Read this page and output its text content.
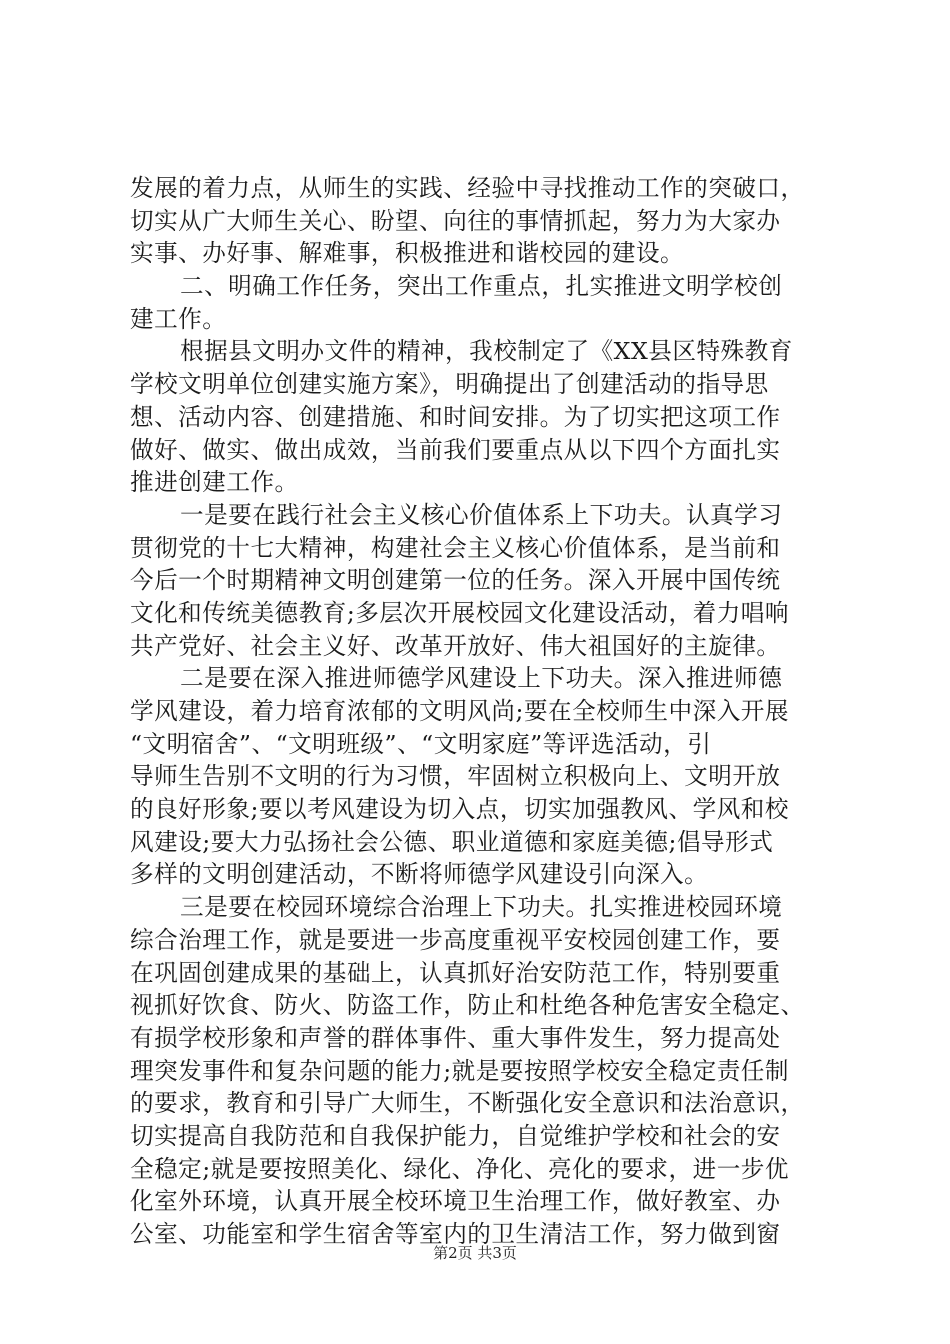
发展的着力点，从师生的实践、经验中寻找推动工作的突破口，
切实从广大师生关心、盼望、向往的事情抓起，努力为大家办
实事、办好事、解难事，积极推进和谐校园的建设。
二、明确工作任务，突出工作重点，扎实推进文明学校创
建工作。
根据县文明办文件的精神，我校制定了《XX县区特殊教育
学校文明单位创建实施方案》，明确提出了创建活动的指导思
想、活动内容、创建措施、和时间安排。为了切实把这项工作
做好、做实、做出成效，当前我们要重点从以下四个方面扎实
推进创建工作。
一是要在践行社会主义核心价值体系上下功夫。认真学习
贯彻党的十七大精神，构建社会主义核心价值体系，是当前和
今后一个时期精神文明创建第一位的任务。深入开展中国传统
文化和传统美德教育;多层次开展校园文化建设活动，着力唱响
共产党好、社会主义好、改革开放好、伟大祖国好的主旋律。
二是要在深入推进师德学风建设上下功夫。深入推进师德
学风建设，着力培育浓郁的文明风尚;要在全校师生中深入开展
“文明宿舍”、“文明班级”、“文明家庭”等评选活动，引
导师生告别不文明的行为习惯，牢固树立积极向上、文明开放
的良好形象;要以考风建设为切入点，切实加强教风、学风和校
风建设;要大力弘扬社会公德、职业道德和家庭美德;倡导形式
多样的文明创建活动，不断将师德学风建设引向深入。
三是要在校园环境综合治理上下功夫。扎实推进校园环境
综合治理工作，就是要进一步高度重视平安校园创建工作，要
在巩固创建成果的基础上，认真抓好治安防范工作，特别要重
视抓好饮食、防火、防盗工作，防止和杜绝各种危害安全稳定、
有损学校形象和声誉的群体事件、重大事件发生，努力提高处
理突发事件和复杂问题的能力;就是要按照学校安全稳定责任制
的要求，教育和引导广大师生，不断强化安全意识和法治意识，
切实提高自我防范和自我保护能力，自觉维护学校和社会的安
全稳定;就是要按照美化、绿化、净化、亮化的要求，进一步优
化室外环境，认真开展全校环境卫生治理工作，做好教室、办
公室、功能室和学生宿舍等室内的卫生清洁工作，努力做到窗
第2页 共3页
